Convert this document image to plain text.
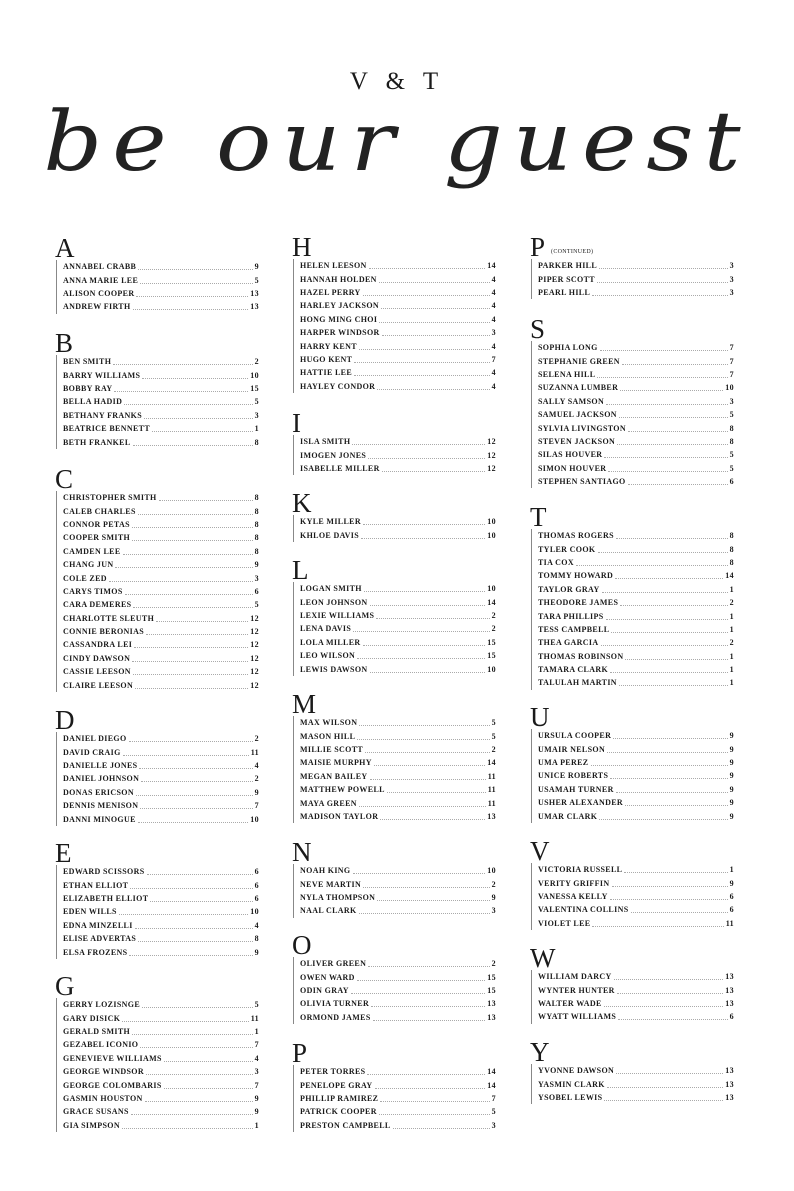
V & T
be our guest
A
ANNABEL CRABB	9
ANNA MARIE LEE	5
ALISON COOPER	13
ANDREW FIRTH	13
B
BEN SMITH	2
BARRY WILLIAMS	10
BOBBY RAY	15
BELLA HADID	5
BETHANY FRANKS	3
BEATRICE BENNETT	1
BETH FRANKEL	8
C
CHRISTOPHER SMITH	8
CALEB CHARLES	8
CONNOR PETAS	8
COOPER SMITH	8
CAMDEN LEE	8
CHANG JUN	9
COLE ZED	3
CARYS TIMOS	6
CARA DEMERES	5
CHARLOTTE SLEUTH	12
CONNIE BERONIAS	12
CASSANDRA LEI	12
CINDY DAWSON	12
CASSIE LEESON	12
CLAIRE LEESON	12
D
DANIEL DIEGO	2
DAVID CRAIG	11
DANIELLE JONES	4
DANIEL JOHNSON	2
DONAS ERICSON	9
DENNIS MENISON	7
DANNI MINOGUE	10
E
EDWARD SCISSORS	6
ETHAN ELLIOT	6
ELIZABETH ELLIOT	6
EDEN WILLS	10
EDNA MINZELLI	4
ELISE ADVERTAS	8
ELSA FROZENS	9
G
GERRY LOZISNGE	5
GARY DISICK	11
GERALD SMITH	1
GEZABEL ICONIO	7
GENEVIEVE WILLIAMS	4
GEORGE WINDSOR	3
GEORGE COLOMBARIS	7
GASMIN HOUSTON	9
GRACE SUSANS	9
GIA SIMPSON	1
H
HELEN LEESON	14
HANNAH HOLDEN	4
HAZEL PERRY	4
HARLEY JACKSON	4
HONG MING CHOI	4
HARPER WINDSOR	3
HARRY KENT	4
HUGO KENT	7
HATTIE LEE	4
HAYLEY CONDOR	4
I
ISLA SMITH	12
IMOGEN JONES	12
ISABELLE MILLER	12
K
KYLE MILLER	10
KHLOE DAVIS	10
L
LOGAN SMITH	10
LEON JOHNSON	14
LEXIE WILLIAMS	2
LENA DAVIS	2
LOLA MILLER	15
LEO WILSON	15
LEWIS DAWSON	10
M
MAX WILSON	5
MASON HILL	5
MILLIE SCOTT	2
MAISIE MURPHY	14
MEGAN BAILEY	11
MATTHEW POWELL	11
MAYA GREEN	11
MADISON TAYLOR	13
N
NOAH KING	10
NEVE MARTIN	2
NYLA THOMPSON	9
NAAL CLARK	3
O
OLIVER GREEN	2
OWEN WARD	15
ODIN GRAY	15
OLIVIA TURNER	13
ORMOND JAMES	13
P
PETER TORRES	14
PENELOPE GRAY	14
PHILLIP RAMIREZ	7
PATRICK COOPER	5
PRESTON CAMPBELL	3
P (CONTINUED)
PARKER HILL	3
PIPER SCOTT	3
PEARL HILL	3
S
SOPHIA LONG	7
STEPHANIE GREEN	7
SELENA HILL	7
SUZANNA LUMBER	10
SALLY SAMSON	3
SAMUEL JACKSON	5
SYLVIA LIVINGSTON	8
STEVEN JACKSON	8
SILAS HOUVER	5
SIMON HOUVER	5
STEPHEN SANTIAGO	6
T
THOMAS ROGERS	8
TYLER COOK	8
TIA COX	8
TOMMY HOWARD	14
TAYLOR GRAY	1
THEODORE JAMES	2
TARA PHILLIPS	1
TESS CAMPBELL	1
THEA GARCIA	2
THOMAS ROBINSON	1
TAMARA CLARK	1
TALULAH MARTIN	1
U
URSULA COOPER	9
UMAIR NELSON	9
UMA PEREZ	9
UNICE ROBERTS	9
USAMAH TURNER	9
USHER ALEXANDER	9
UMAR CLARK	9
V
VICTORIA RUSSELL	1
VERITY GRIFFIN	9
VANESSA KELLY	6
VALENTINA COLLINS	6
VIOLET LEE	11
W
WILLIAM DARCY	13
WYNTER HUNTER	13
WALTER WADE	13
WYATT WILLIAMS	6
Y
YVONNE DAWSON	13
YASMIN CLARK	13
YSOBEL LEWIS	13
